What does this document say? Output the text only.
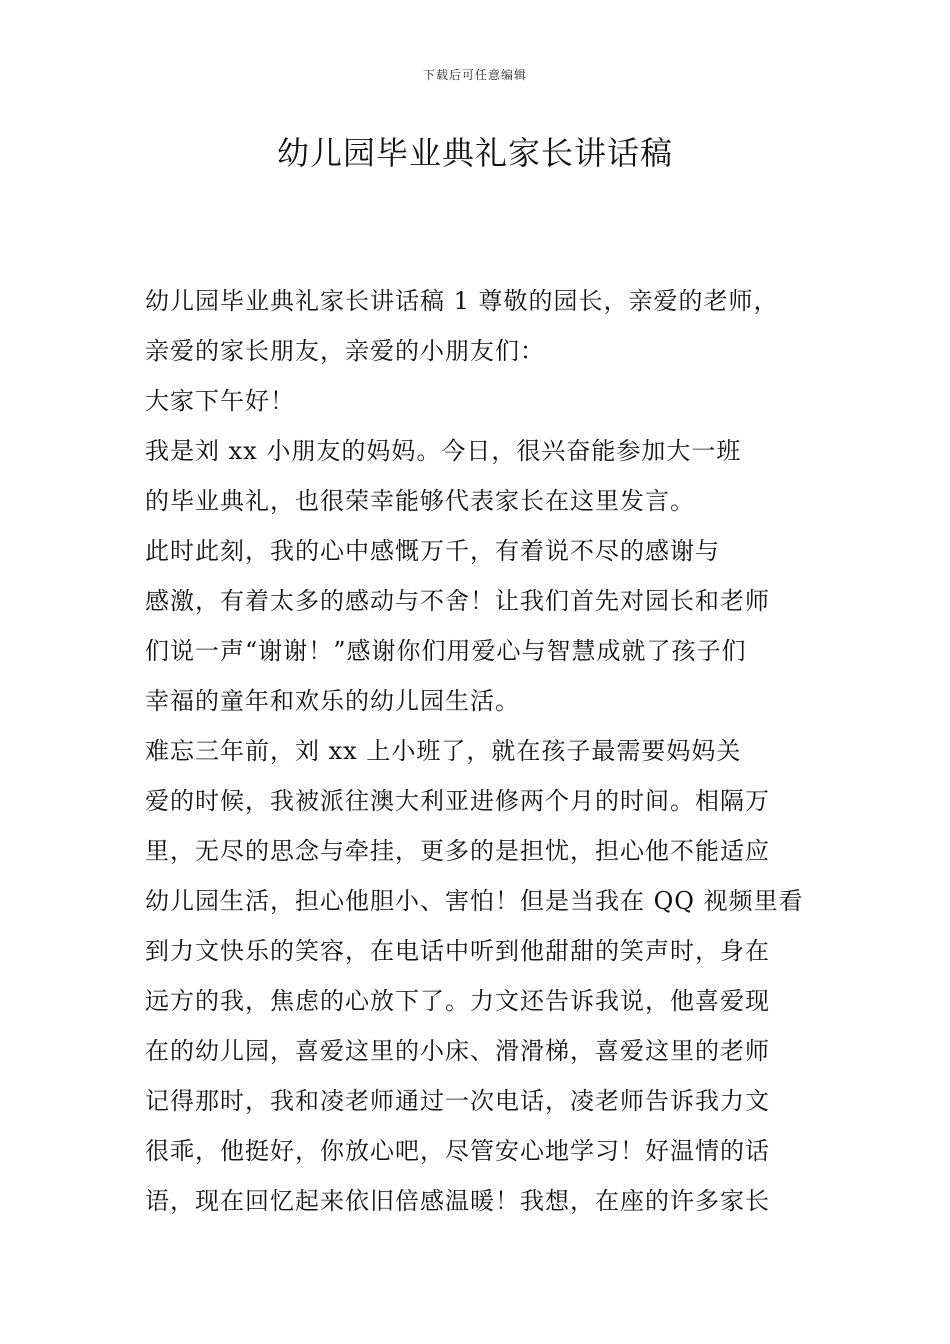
下载后可任意编辑
幼儿园毕业典礼家长讲话稿

幼儿园毕业典礼家长讲话稿 1 尊敬的园长，亲爱的老师，
亲爱的家长朋友，亲爱的小朋友们：

大家下午好！

我是刘 xx 小朋友的妈妈。今日，很兴奋能参加大一班
的毕业典礼，也很荣幸能够代表家长在这里发言。

此时此刻，我的心中感慨万千，有着说不尽的感谢与
感激，有着太多的感动与不舍！让我们首先对园长和老师
们说一声“谢谢！”感谢你们用爱心与智慧成就了孩子们
幸福的童年和欢乐的幼儿园生活。

难忘三年前，刘 xx 上小班了，就在孩子最需要妈妈关
爱的时候，我被派往澳大利亚进修两个月的时间。相隔万
里，无尽的思念与牵挂，更多的是担忧，担心他不能适应
幼儿园生活，担心他胆小、害怕！但是当我在 QQ 视频里看
到力文快乐的笑容，在电话中听到他甜甜的笑声时，身在
远方的我，焦虑的心放下了。力文还告诉我说，他喜爱现
在的幼儿园，喜爱这里的小床、滑滑梯，喜爱这里的老师
记得那时，我和凌老师通过一次电话，凌老师告诉我力文
很乖，他挺好，你放心吧，尽管安心地学习！好温情的话
语，现在回忆起来依旧倍感温暖！我想，在座的许多家长
